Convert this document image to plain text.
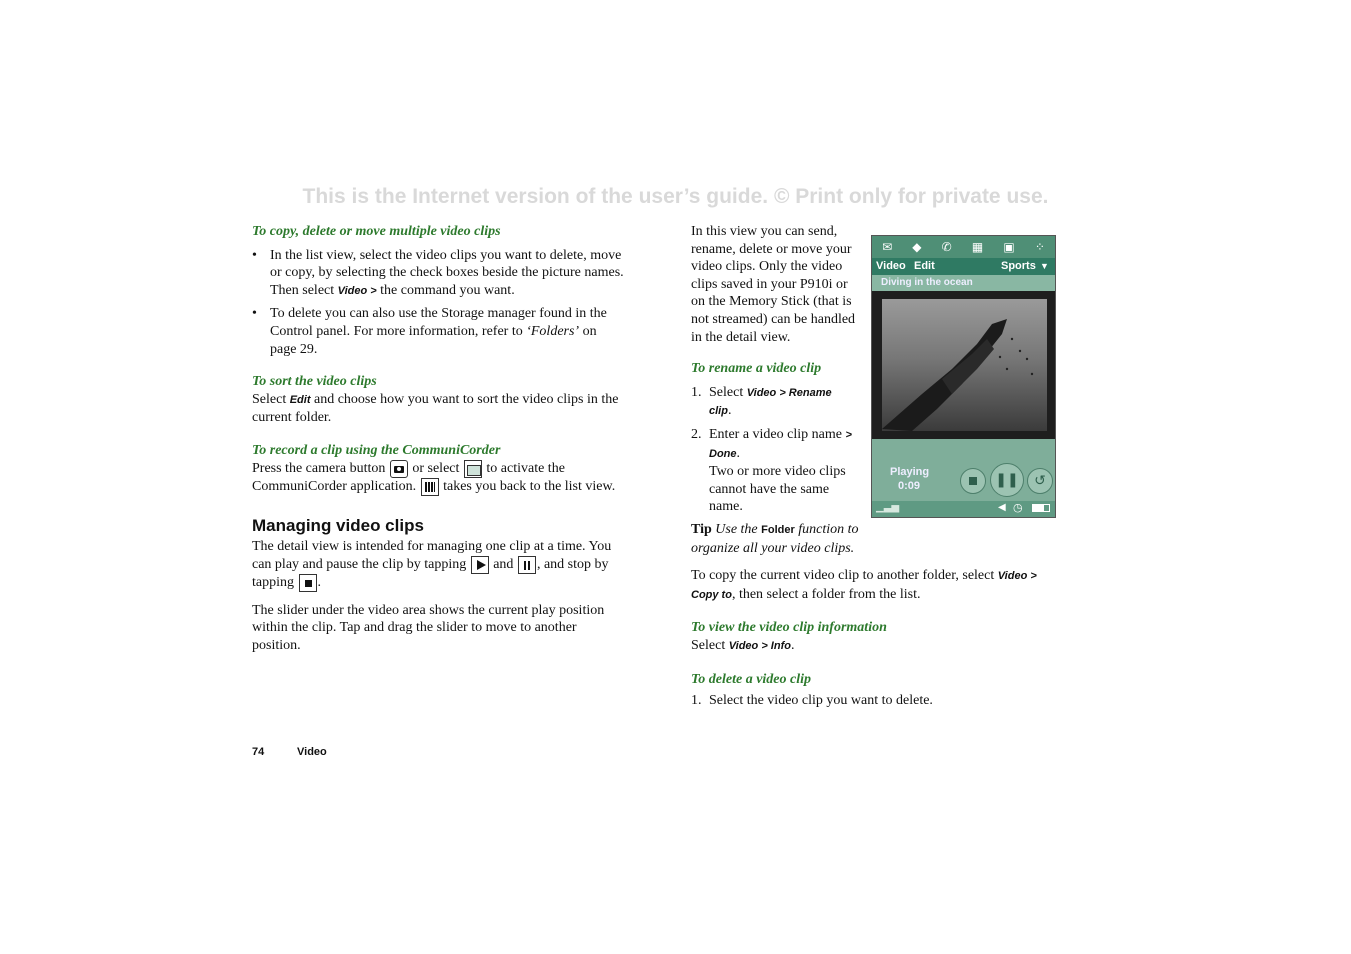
This is the Internet version of the user’s guide. © Print only for private use.

To copy, delete or move multiple video clips

• In the list view, select the video clips you want to delete, move or copy, by selecting the check boxes beside the picture names. Then select Video > the command you want.
• To delete you can also use the Storage manager found in the Control panel. For more information, refer to ‘Folders’ on page 29.

To sort the video clips

Select Edit and choose how you want to sort the video clips in the current folder.

To record a clip using the CommuniCorder

Press the camera button
or select
to activate the CommuniCorder application.
takes you back to the list view.

Managing video clips

The detail view is intended for managing one clip at a time. You can play and pause the clip by tapping
and
, and stop by tapping
.

The slider under the video area shows the current play position within the clip. Tap and drag the slider to move to another position.

In this view you can send, rename, delete or move your video clips. Only the video clips saved in your P910i or on the Memory Stick (that is not streamed) can be handled in the detail view.

To rename a video clip

1. Select Video > Rename clip.
2. Enter a video clip name > Done.
Two or more video clips cannot have the same name.

Tip Use the Folder function to organize all your video clips.

To copy the current video clip to another folder, select Video > Copy to, then select a folder from the list.

To view the video clip information

Select Video > Info.

To delete a video clip

1. Select the video clip you want to delete.
✉ ◆ ✆ ▦ ▣ ⁘
Video Edit	Sports ▼
Diving in the ocean
Playing
0:09	❚❚ ↺
▁▃▅	◀ ◷
74	Video
